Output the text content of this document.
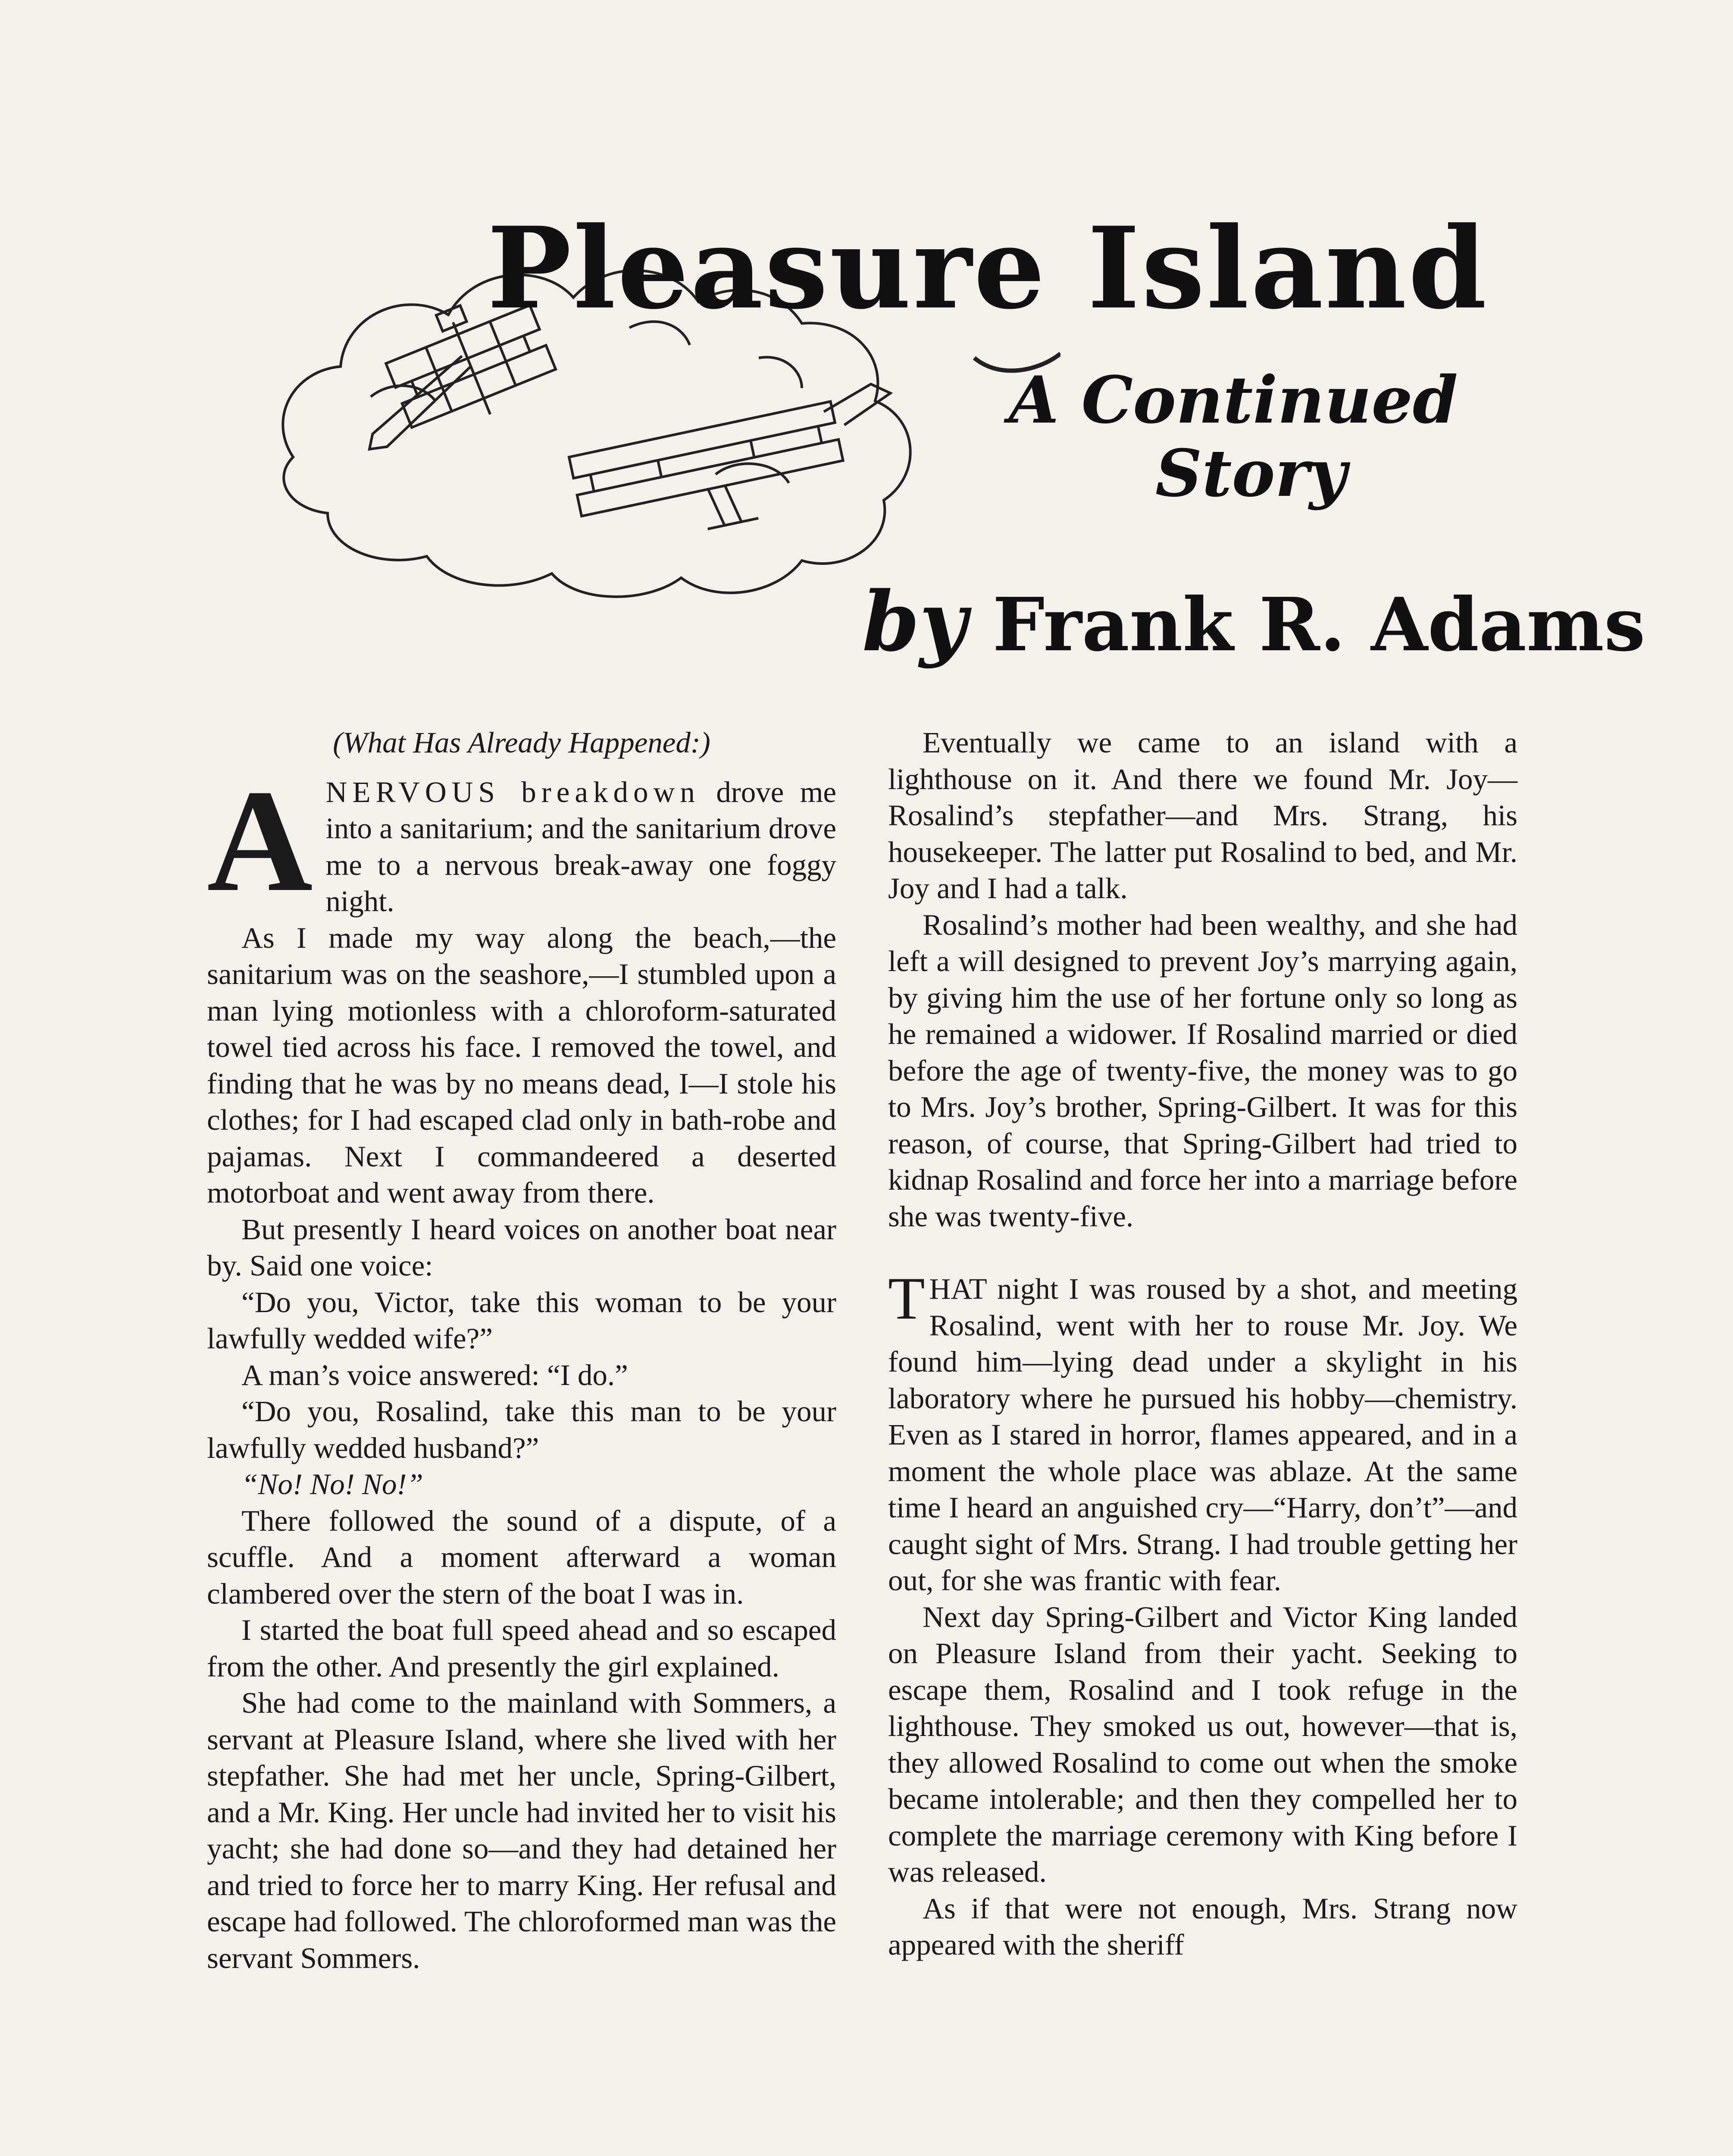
Pleasure Island
A Continued
Story
by Frank R. Adams
(What Has Already Happened:)

A NERVOUS breakdown drove me into a sanitarium; and the sanitarium drove me to a nervous break-away one foggy night.

As I made my way along the beach,—the sanitarium was on the seashore,—I stumbled upon a man lying motionless with a chloroform-saturated towel tied across his face. I removed the towel, and finding that he was by no means dead, I—I stole his clothes; for I had escaped clad only in bath-robe and pajamas. Next I commandeered a deserted motorboat and went away from there.

But presently I heard voices on another boat near by. Said one voice:

“Do you, Victor, take this woman to be your lawfully wedded wife?”

A man’s voice answered: “I do.”

“Do you, Rosalind, take this man to be your lawfully wedded husband?”

“No! No! No!”

There followed the sound of a dispute, of a scuffle. And a moment afterward a woman clambered over the stern of the boat I was in.

I started the boat full speed ahead and so escaped from the other. And presently the girl explained.

She had come to the mainland with Sommers, a servant at Pleasure Island, where she lived with her stepfather. She had met her uncle, Spring-Gilbert, and a Mr. King. Her uncle had invited her to visit his yacht; she had done so—and they had detained her and tried to force her to marry King. Her refusal and escape had followed. The chloroformed man was the servant Sommers.

Eventually we came to an island with a lighthouse on it. And there we found Mr. Joy—Rosalind’s stepfather—and Mrs. Strang, his housekeeper. The latter put Rosalind to bed, and Mr. Joy and I had a talk.

Rosalind’s mother had been wealthy, and she had left a will designed to prevent Joy’s marrying again, by giving him the use of her fortune only so long as he remained a widower. If Rosalind married or died before the age of twenty-five, the money was to go to Mrs. Joy’s brother, Spring-Gilbert. It was for this reason, of course, that Spring-Gilbert had tried to kidnap Rosalind and force her into a marriage before she was twenty-five.

T HAT night I was roused by a shot, and meeting Rosalind, went with her to rouse Mr. Joy. We found him—lying dead under a skylight in his laboratory where he pursued his hobby—chemistry. Even as I stared in horror, flames appeared, and in a moment the whole place was ablaze. At the same time I heard an anguished cry—“Harry, don’t”—and caught sight of Mrs. Strang. I had trouble getting her out, for she was frantic with fear.

Next day Spring-Gilbert and Victor King landed on Pleasure Island from their yacht. Seeking to escape them, Rosalind and I took refuge in the lighthouse. They smoked us out, however—that is, they allowed Rosalind to come out when the smoke became intolerable; and then they compelled her to complete the marriage ceremony with King before I was released.

As if that were not enough, Mrs. Strang now appeared with the sheriff
